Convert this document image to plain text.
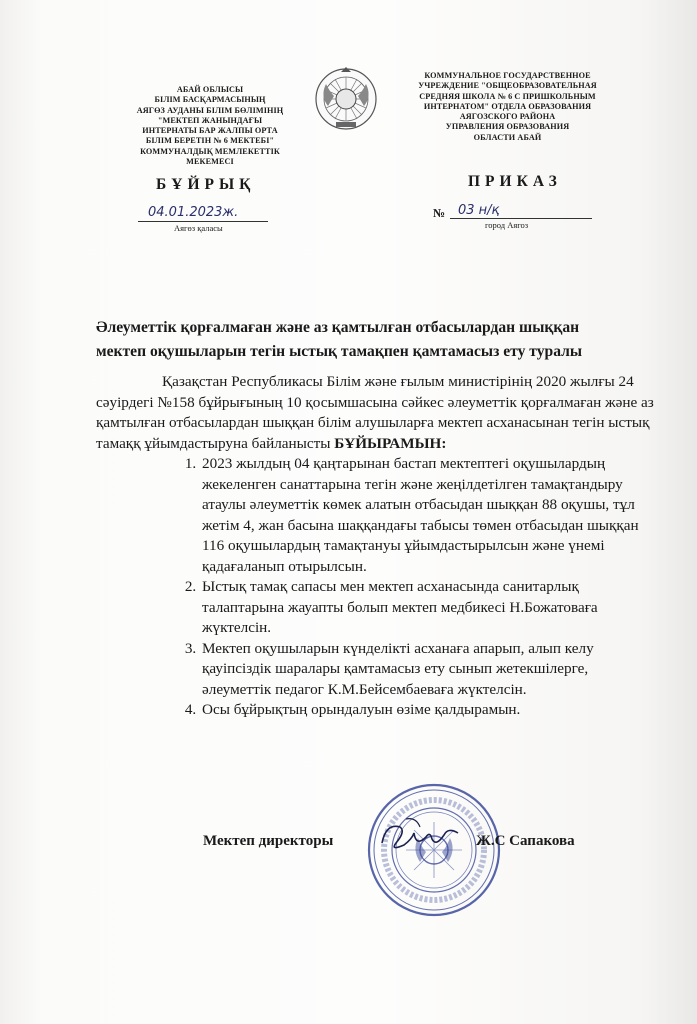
АБАЙ ОБЛЫСЫ
БІЛІМ БАСҚАРМАСЫНЫҢ
АЯГӨЗ АУДАНЫ БІЛІМ БӨЛІМІНІҢ
"МЕКТЕП ЖАНЫНДАҒЫ
ИНТЕРНАТЫ БАР ЖАЛПЫ ОРТА
БІЛІМ БЕРЕТІН № 6 МЕКТЕБІ"
КОММУНАЛДЫҚ МЕМЛЕКЕТТІК
МЕКЕМЕСІ
КОММУНАЛЬНОЕ ГОСУДАРСТВЕННОЕ
УЧРЕЖДЕНИЕ "ОБЩЕОБРАЗОВАТЕЛЬНАЯ
СРЕДНЯЯ ШКОЛА № 6 С ПРИШКОЛЬНЫМ
ИНТЕРНАТОМ" ОТДЕЛА ОБРАЗОВАНИЯ
АЯГОЗСКОГО РАЙОНА
УПРАВЛЕНИЯ ОБРАЗОВАНИЯ
ОБЛАСТИ АБАЙ
БҰЙРЫҚ	ПРИКАЗ
04.01.2023ж.
Аягөз қаласы
№ 03 н/қ
город Аягоз
Әлеуметтік қорғалмаған және аз қамтылған отбасылардан шыққан
мектеп оқушыларын тегін ыстық тамақпен қамтамасыз ету туралы
Қазақстан Республикасы Білім және ғылым министірінің 2020 жылғы 24 сәуірдегі №158 бұйрығының 10 қосымшасына сәйкес әлеуметтік қорғалмаған және аз қамтылған отбасылардан шыққан білім алушыларға мектеп асханасынан тегін ыстық тамаққ ұйымдастыруна байланысты БҰЙЫРАМЫН:
1. 2023 жылдың 04 қаңтарынан бастап мектептегі оқушылардың жекеленген санаттарына тегін және жеңілдетілген тамақтандыру атаулы әлеуметтік көмек алатын отбасыдан шыққан 88 оқушы, тұл жетім 4, жан басына шаққандағы табысы төмен отбасыдан шыққан 116 оқушылардың тамақтануы ұйымдастырылсын және үнемі қадағаланып отырылсын.
2. Ыстық тамақ сапасы мен мектеп асханасында санитарлық талаптарына жауапты болып мектеп медбикесі Н.Божатоваға жүктелсін.
3. Мектеп оқушыларын күнделікті асханаға апарып, алып келу қауіпсіздік шаралары қамтамасыз ету сынып жетекшілерге, әлеуметтік педагог К.М.Бейсембаеваға жүктелсін.
4. Осы бұйрықтың орындалуын өзіме қалдырамын.
Мектеп директоры	Ж.С Сапакова
